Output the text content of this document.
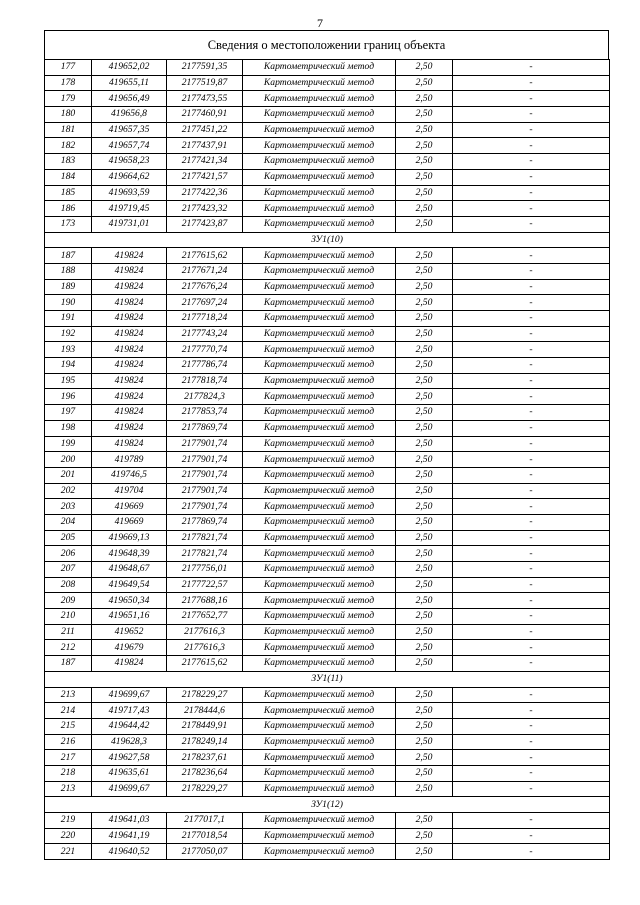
7
Сведения о местоположении границ объекта
177	419652,02	2177591,35	Картометрический метод	2,50	-
178	419655,11	2177519,87	Картометрический метод	2,50	-
179	419656,49	2177473,55	Картометрический метод	2,50	-
180	419656,8	2177460,91	Картометрический метод	2,50	-
181	419657,35	2177451,22	Картометрический метод	2,50	-
182	419657,74	2177437,91	Картометрический метод	2,50	-
183	419658,23	2177421,34	Картометрический метод	2,50	-
184	419664,62	2177421,57	Картометрический метод	2,50	-
185	419693,59	2177422,36	Картометрический метод	2,50	-
186	419719,45	2177423,32	Картометрический метод	2,50	-
173	419731,01	2177423,87	Картометрический метод	2,50	-
ЗУ1(10)					
187	419824	2177615,62	Картометрический метод	2,50	-
188	419824	2177671,24	Картометрический метод	2,50	-
189	419824	2177676,24	Картометрический метод	2,50	-
190	419824	2177697,24	Картометрический метод	2,50	-
191	419824	2177718,24	Картометрический метод	2,50	-
192	419824	2177743,24	Картометрический метод	2,50	-
193	419824	2177770,74	Картометрический метод	2,50	-
194	419824	2177786,74	Картометрический метод	2,50	-
195	419824	2177818,74	Картометрический метод	2,50	-
196	419824	2177824,3	Картометрический метод	2,50	-
197	419824	2177853,74	Картометрический метод	2,50	-
198	419824	2177869,74	Картометрический метод	2,50	-
199	419824	2177901,74	Картометрический метод	2,50	-
200	419789	2177901,74	Картометрический метод	2,50	-
201	419746,5	2177901,74	Картометрический метод	2,50	-
202	419704	2177901,74	Картометрический метод	2,50	-
203	419669	2177901,74	Картометрический метод	2,50	-
204	419669	2177869,74	Картометрический метод	2,50	-
205	419669,13	2177821,74	Картометрический метод	2,50	-
206	419648,39	2177821,74	Картометрический метод	2,50	-
207	419648,67	2177756,01	Картометрический метод	2,50	-
208	419649,54	2177722,57	Картометрический метод	2,50	-
209	419650,34	2177688,16	Картометрический метод	2,50	-
210	419651,16	2177652,77	Картометрический метод	2,50	-
211	419652	2177616,3	Картометрический метод	2,50	-
212	419679	2177616,3	Картометрический метод	2,50	-
187	419824	2177615,62	Картометрический метод	2,50	-
ЗУ1(11)					
213	419699,67	2178229,27	Картометрический метод	2,50	-
214	419717,43	2178444,6	Картометрический метод	2,50	-
215	419644,42	2178449,91	Картометрический метод	2,50	-
216	419628,3	2178249,14	Картометрический метод	2,50	-
217	419627,58	2178237,61	Картометрический метод	2,50	-
218	419635,61	2178236,64	Картометрический метод	2,50	-
213	419699,67	2178229,27	Картометрический метод	2,50	-
ЗУ1(12)					
219	419641,03	2177017,1	Картометрический метод	2,50	-
220	419641,19	2177018,54	Картометрический метод	2,50	-
221	419640,52	2177050,07	Картометрический метод	2,50	-
